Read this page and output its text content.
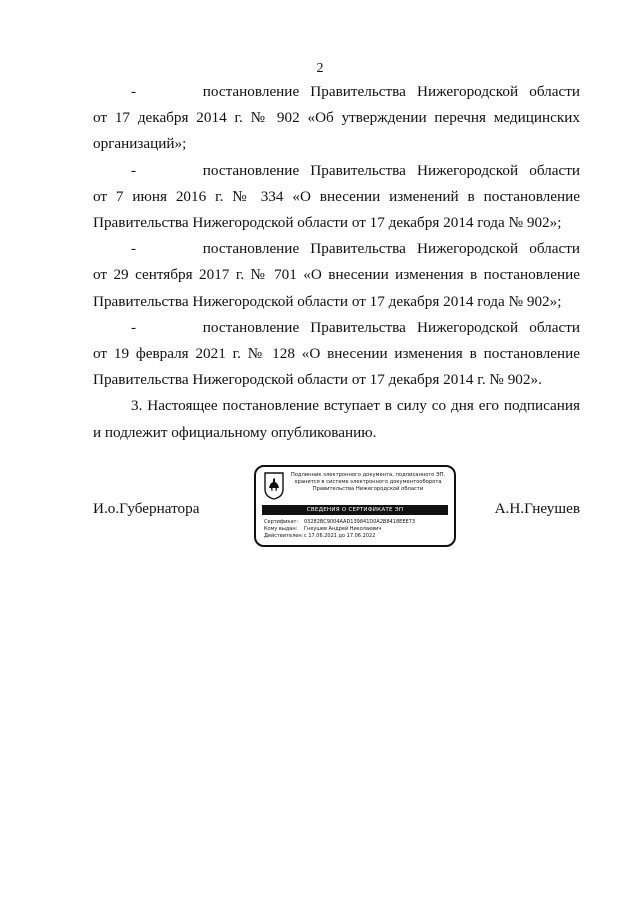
2
-      постановление Правительства Нижегородской области
от 17 декабря 2014 г. № 902 «Об утверждении перечня медицинских
организаций»;
-      постановление Правительства Нижегородской области
от 7 июня 2016 г. № 334 «О внесении изменений в постановление
Правительства Нижегородской области от 17 декабря 2014 года № 902»;
-      постановление Правительства Нижегородской области
от 29 сентября 2017 г. № 701 «О внесении изменения в постановление
Правительства Нижегородской области от 17 декабря 2014 года № 902»;
-      постановление Правительства Нижегородской области
от 19 февраля 2021 г. № 128 «О внесении изменения в постановление
Правительства Нижегородской области от 17 декабря 2014 г. № 902».

3. Настоящее постановление вступает в силу со дня его подписания и подлежит официальному опубликованию.

И.о.Губернатора
Подлинник электронного документа, подписанного ЭП,
хранится в системе электронного документооборота
Правительства Нижегородской области
СВЕДЕНИЯ О СЕРТИФИКАТЕ ЭП
Сертификат: 03282BC9004AAD139841D0A2B8418EEE73
Кому выдан: Гнеушев Андрей Николаевич
Действителен:с 17.06.2021 до 17.06.2022
А.Н.Гнеушев
